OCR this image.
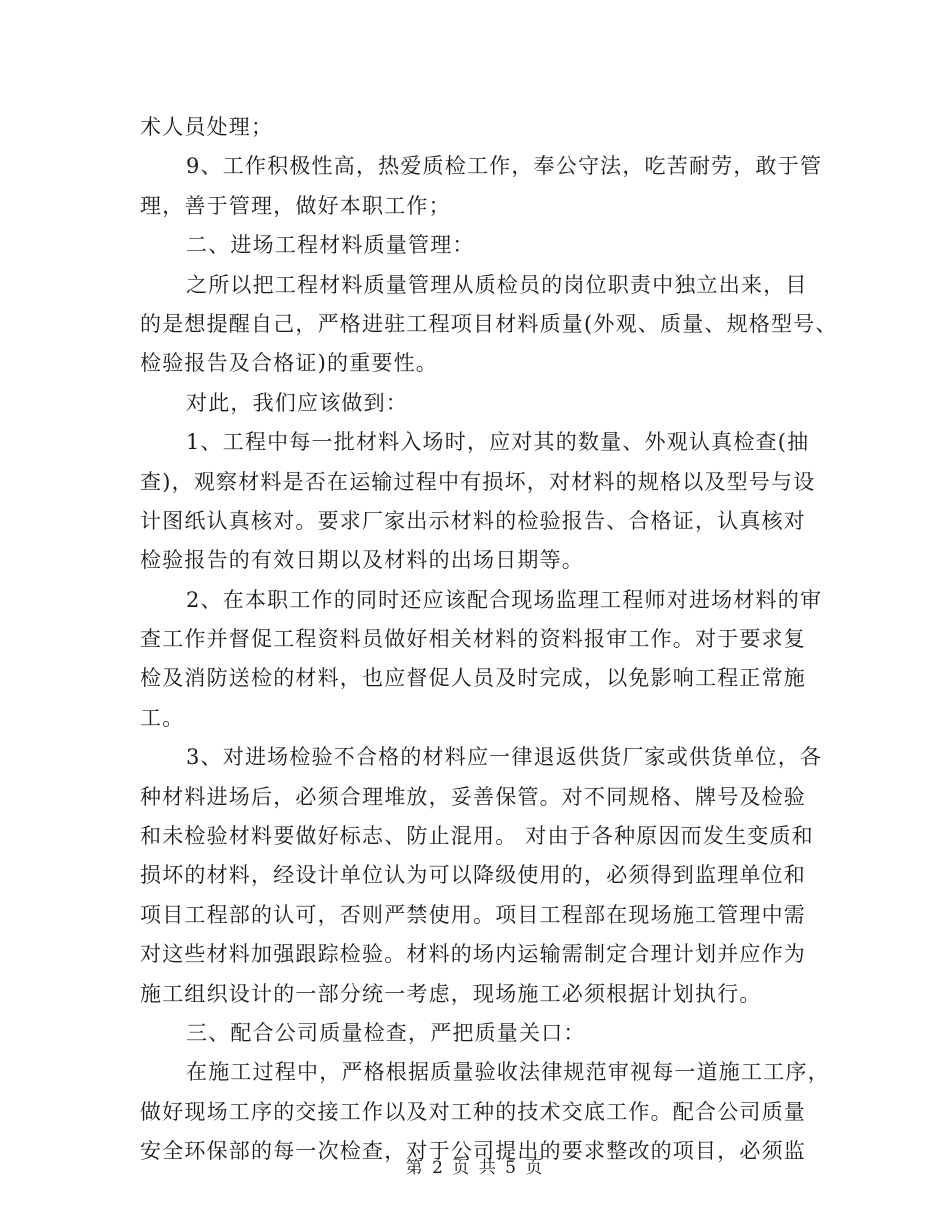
术人员处理；
9、工作积极性高，热爱质检工作，奉公守法，吃苦耐劳，敢于管
理，善于管理，做好本职工作；
二、进场工程材料质量管理：
之所以把工程材料质量管理从质检员的岗位职责中独立出来，目
的是想提醒自己，严格进驻工程项目材料质量(外观、质量、规格型号、
检验报告及合格证)的重要性。
对此，我们应该做到：
1、工程中每一批材料入场时，应对其的数量、外观认真检查(抽
查)，观察材料是否在运输过程中有损坏，对材料的规格以及型号与设
计图纸认真核对。要求厂家出示材料的检验报告、合格证，认真核对
检验报告的有效日期以及材料的出场日期等。
2、在本职工作的同时还应该配合现场监理工程师对进场材料的审
查工作并督促工程资料员做好相关材料的资料报审工作。对于要求复
检及消防送检的材料，也应督促人员及时完成，以免影响工程正常施
工。
3、对进场检验不合格的材料应一律退返供货厂家或供货单位，各
种材料进场后，必须合理堆放，妥善保管。对不同规格、牌号及检验
和未检验材料要做好标志、防止混用。 对由于各种原因而发生变质和
损坏的材料，经设计单位认为可以降级使用的，必须得到监理单位和
项目工程部的认可，否则严禁使用。项目工程部在现场施工管理中需
对这些材料加强跟踪检验。材料的场内运输需制定合理计划并应作为
施工组织设计的一部分统一考虑，现场施工必须根据计划执行。
三、配合公司质量检查，严把质量关口：
在施工过程中，严格根据质量验收法律规范审视每一道施工工序，
做好现场工序的交接工作以及对工种的技术交底工作。配合公司质量
安全环保部的每一次检查，对于公司提出的要求整改的项目，必须监
第 2 页 共 5 页
